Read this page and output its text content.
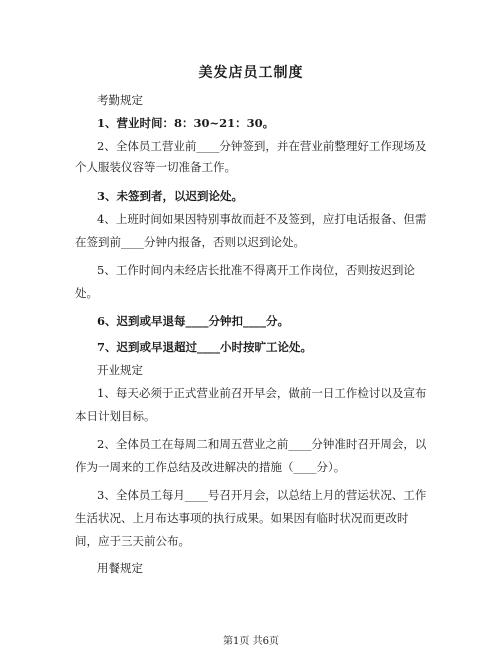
美发店员工制度
考勤规定
1、营业时间：8：30~21：30。
2、全体员工营业前____分钟签到，并在营业前整理好工作现场及
个人服装仪容等一切准备工作。
3、未签到者，以迟到论处。
4、上班时间如果因特别事故而赶不及签到，应打电话报备、但需
在签到前____分钟内报备，否则以迟到论处。
5、工作时间内未经店长批准不得离开工作岗位，否则按迟到论
处。
6、迟到或早退每____分钟扣____分。
7、迟到或早退超过____小时按旷工论处。
开业规定
1、每天必须于正式营业前召开早会，做前一日工作检讨以及宣布
本日计划目标。
2、全体员工在每周二和周五营业之前____分钟准时召开周会，以
作为一周来的工作总结及改进解决的措施（____分）。
3、全体员工每月____号召开月会，以总结上月的营运状况、工作
生活状况、上月布达事项的执行成果。如果因有临时状况而更改时
间，应于三天前公布。
用餐规定
第1页 共6页
